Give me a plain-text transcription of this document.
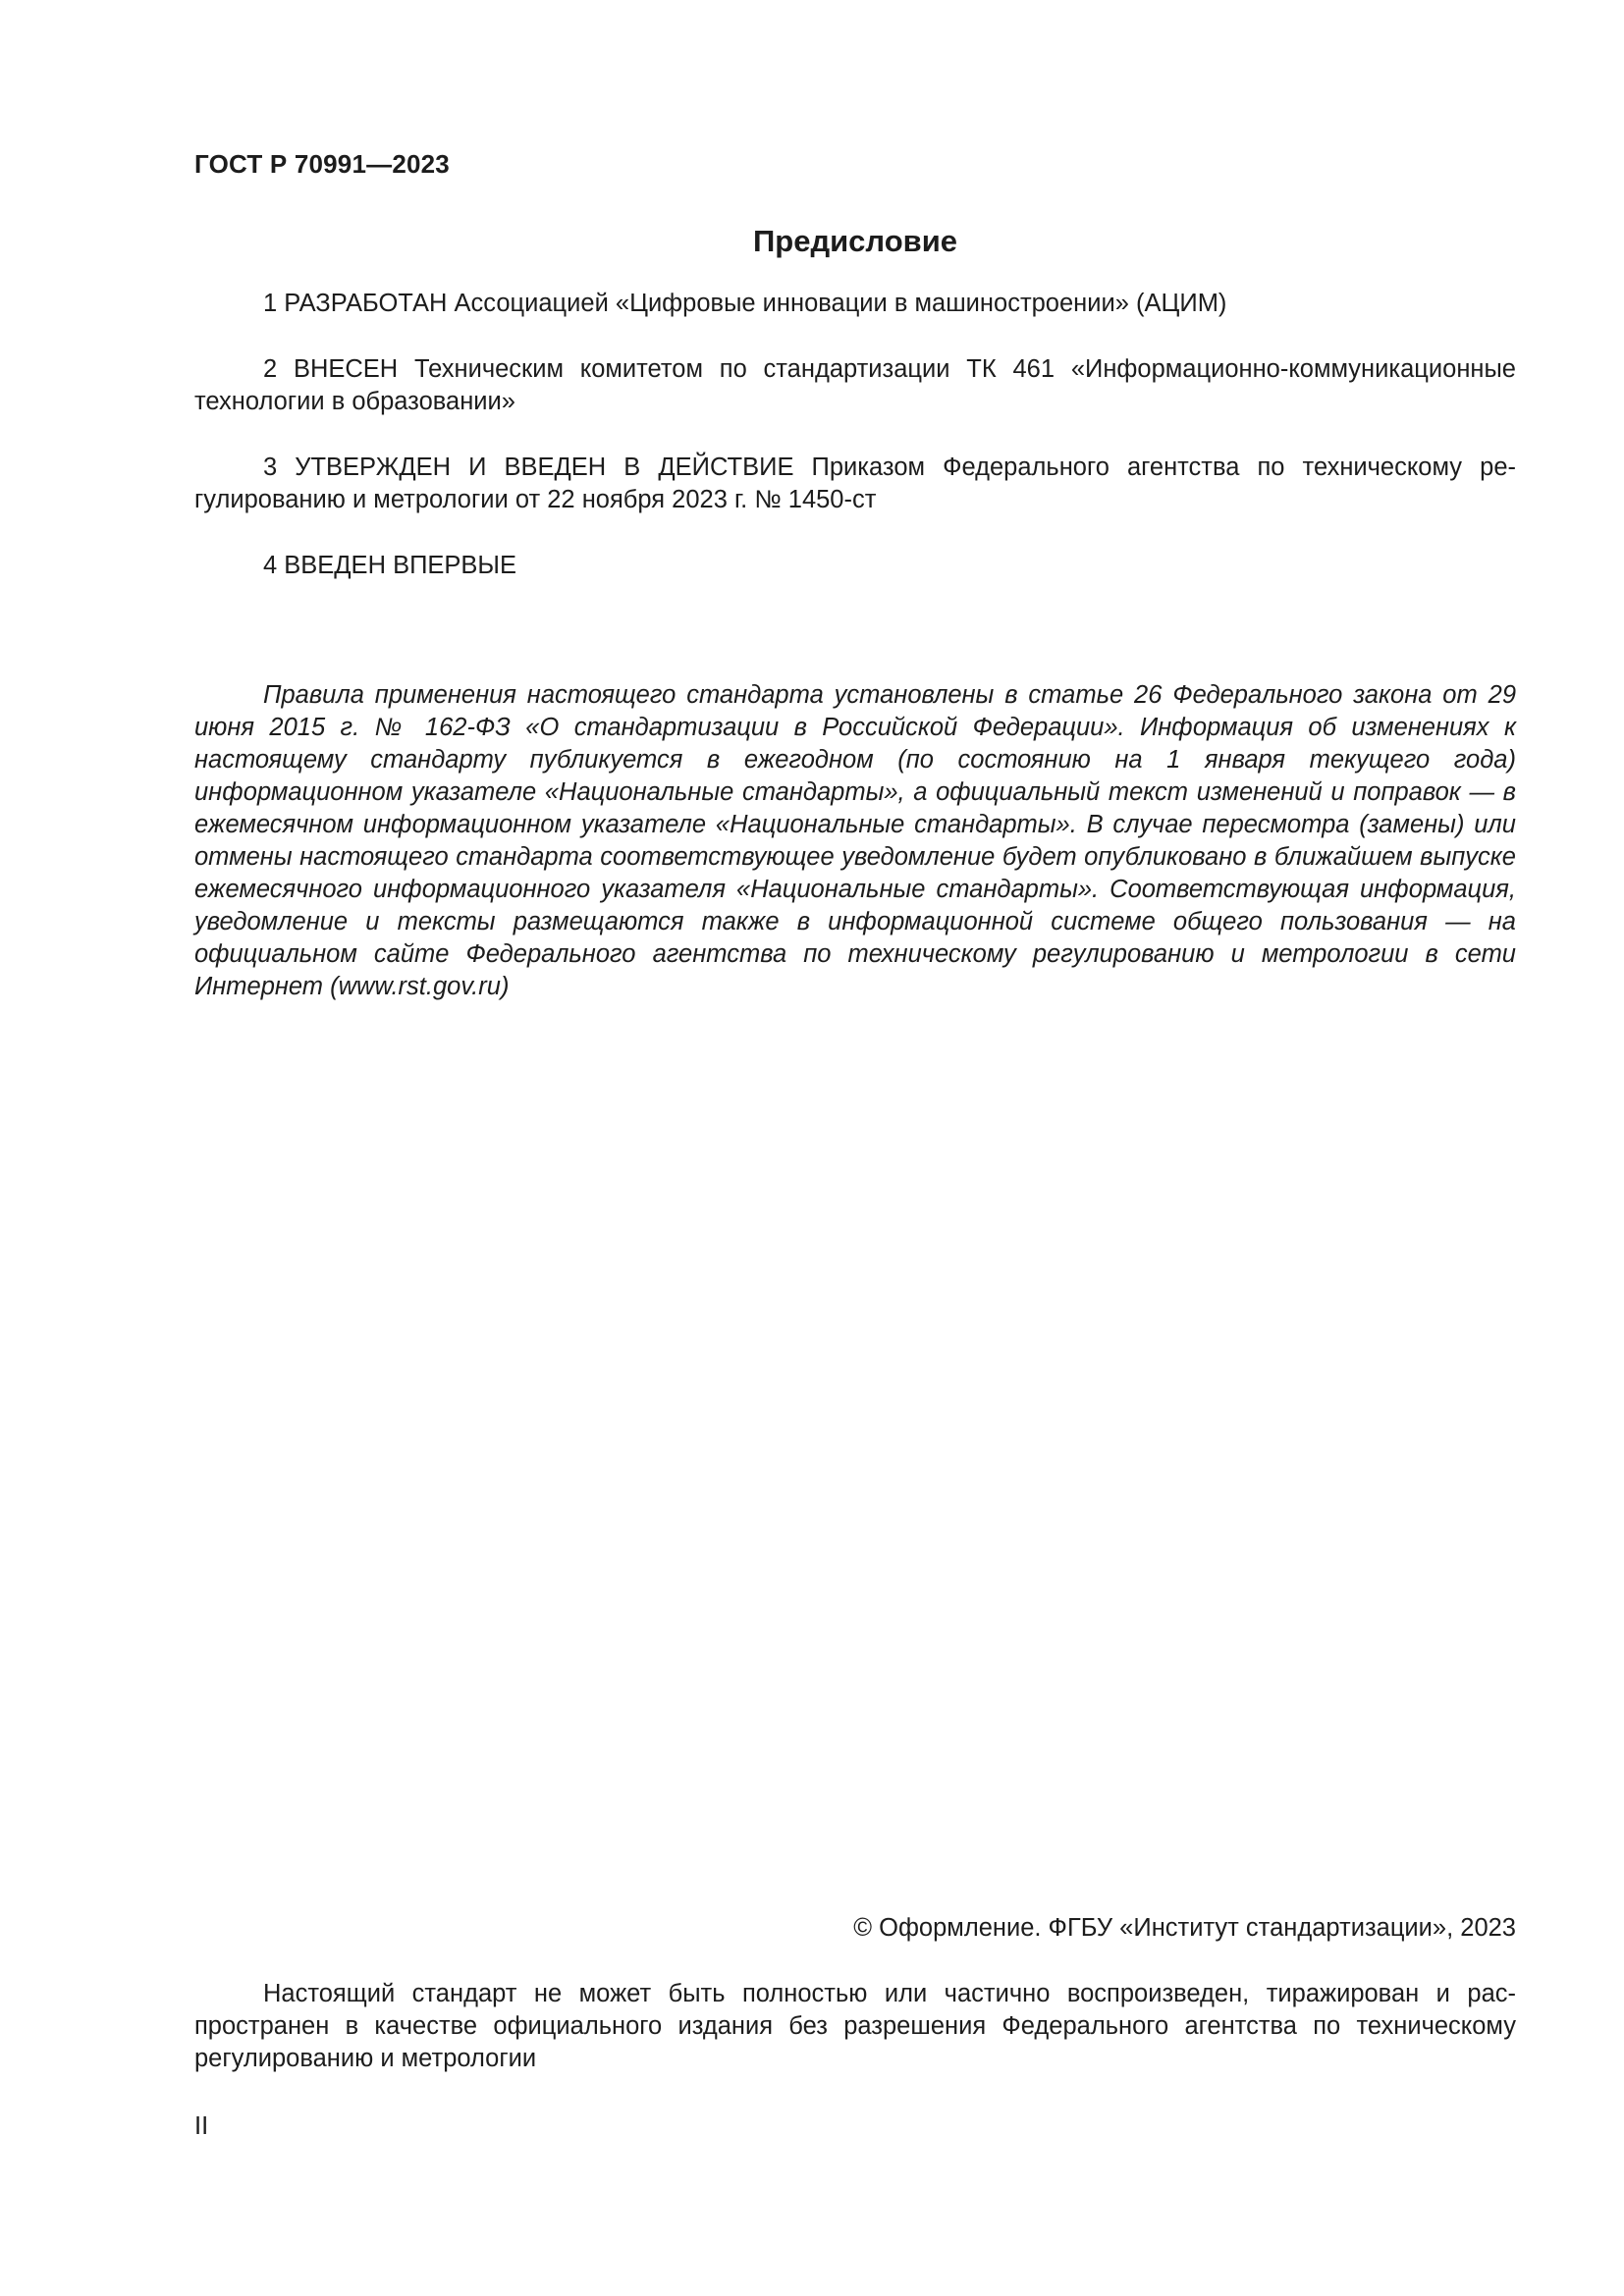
ГОСТ Р 70991—2023
Предисловие
1 РАЗРАБОТАН Ассоциацией «Цифровые инновации в машиностроении» (АЦИМ)
2 ВНЕСЕН Техническим комитетом по стандартизации ТК 461 «Информационно-коммуникационные технологии в образовании»
3 УТВЕРЖДЕН И ВВЕДЕН В ДЕЙСТВИЕ Приказом Федерального агентства по техническому регулированию и метрологии от 22 ноября 2023 г. № 1450-ст
4 ВВЕДЕН ВПЕРВЫЕ
Правила применения настоящего стандарта установлены в статье 26 Федерального закона от 29 июня 2015 г. № 162-ФЗ «О стандартизации в Российской Федерации». Информация об изменениях к настоящему стандарту публикуется в ежегодном (по состоянию на 1 января текущего года) информационном указателе «Национальные стандарты», а официальный текст изменений и поправок — в ежемесячном информационном указателе «Национальные стандарты». В случае пересмотра (замены) или отмены настоящего стандарта соответствующее уведомление будет опубликовано в ближайшем выпуске ежемесячного информационного указателя «Национальные стандарты». Соответствующая информация, уведомление и тексты размещаются также в информационной системе общего пользования — на официальном сайте Федерального агентства по техническому регулированию и метрологии в сети Интернет (www.rst.gov.ru)
© Оформление. ФГБУ «Институт стандартизации», 2023
Настоящий стандарт не может быть полностью или частично воспроизведен, тиражирован и распространен в качестве официального издания без разрешения Федерального агентства по техническому регулированию и метрологии
II
